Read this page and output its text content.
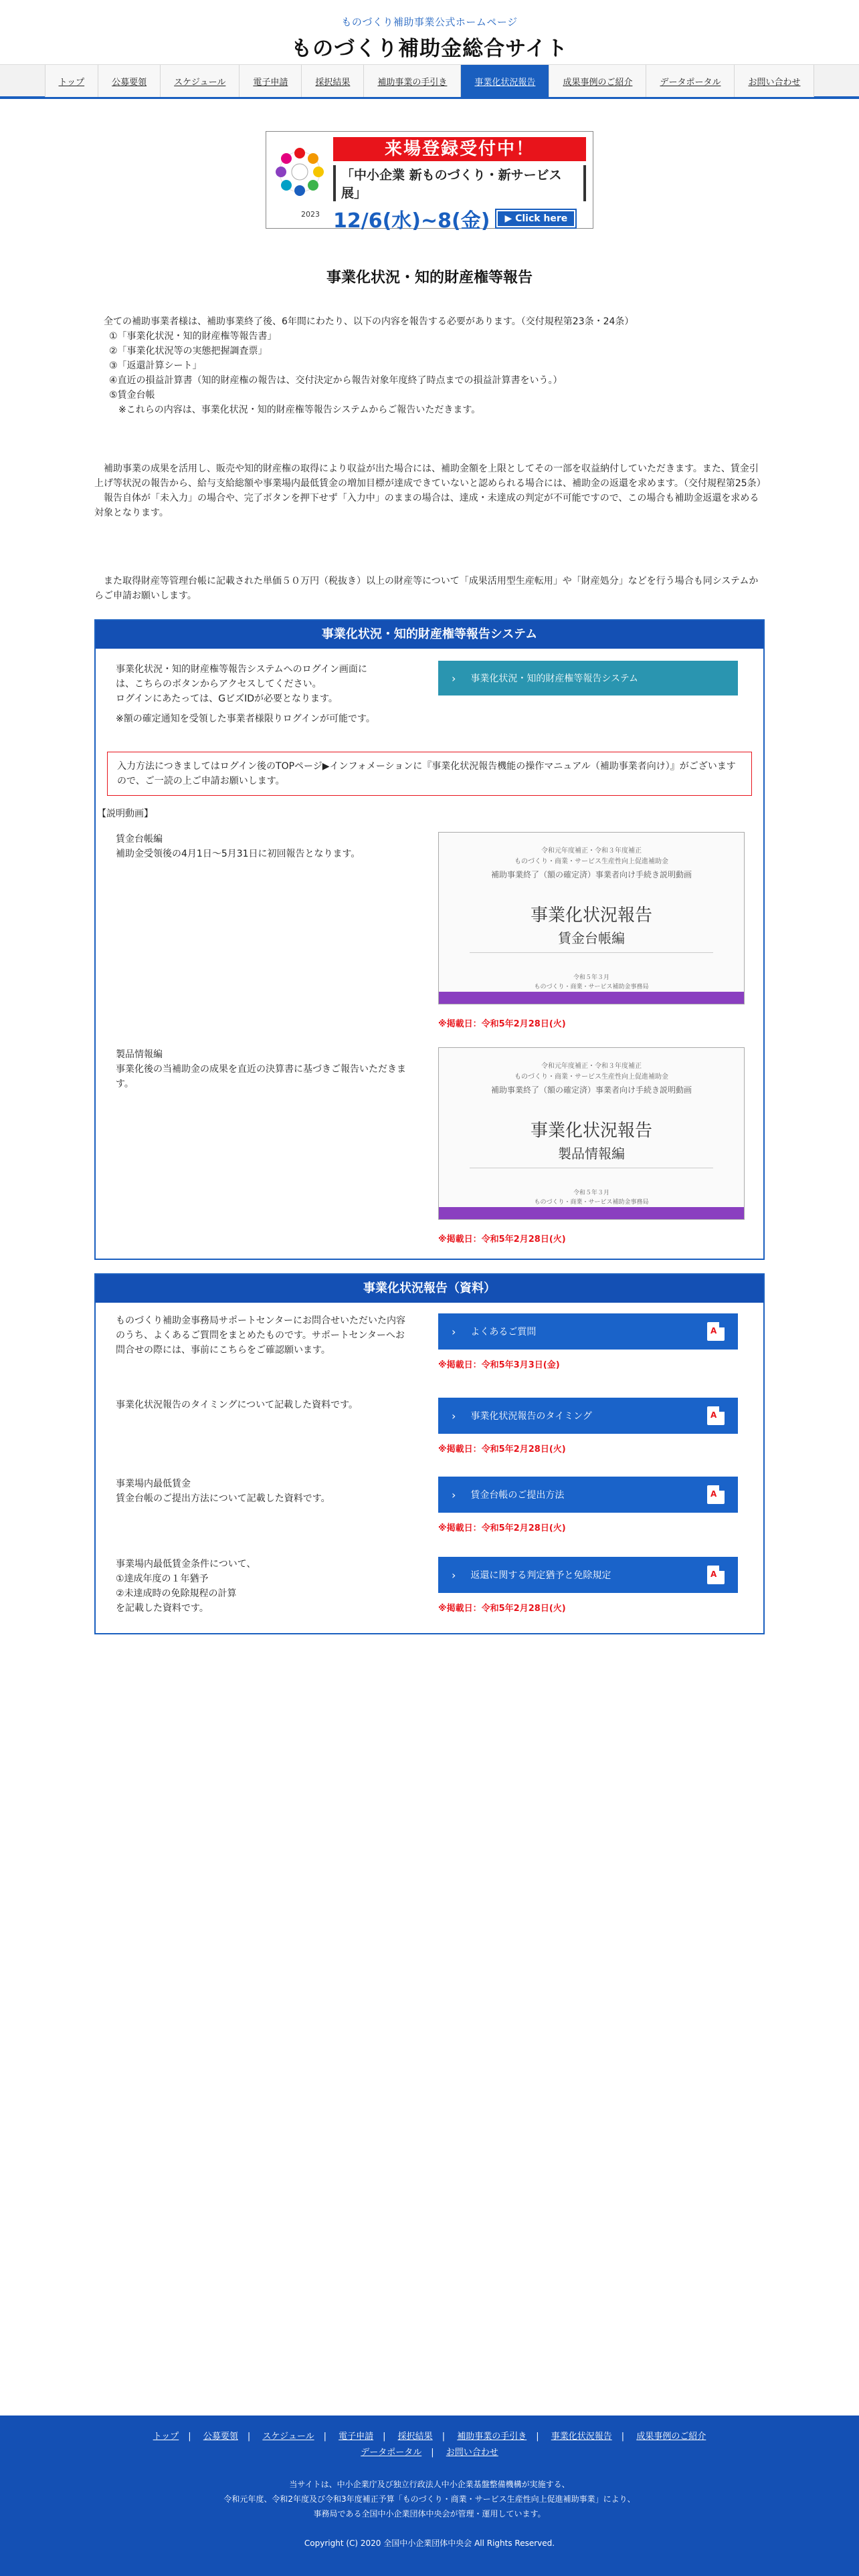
ものづくり補助事業公式ホームページ
ものづくり補助金総合サイト
トップ	公募要領	スケジュール	電子申請	採択結果	補助事業の手引き	事業化状況報告	成果事例のご紹介	データポータル	お問い合わせ
2023
来場登録受付中！
「中小企業 新ものづくり・新サービス展」
12/6(水)~8(金)	▶ Click here
事業化状況・知的財産権等報告
全ての補助事業者様は、補助事業終了後、6年間にわたり、以下の内容を報告する必要があります。（交付規程第23条・24条）
①「事業化状況・知的財産権等報告書」
②「事業化状況等の実態把握調査票」
③「返還計算シート」
④直近の損益計算書（知的財産権の報告は、交付決定から報告対象年度終了時点までの損益計算書をいう。）
⑤賃金台帳
※これらの内容は、事業化状況・知的財産権等報告システムからご報告いただきます。
補助事業の成果を活用し、販売や知的財産権の取得により収益が出た場合には、補助金額を上限としてその一部を収益納付していただきます。また、賃金引上げ等状況の報告から、給与支給総額や事業場内最低賃金の増加目標が達成できていないと認められる場合には、補助金の返還を求めます。（交付規程第25条）
報告自体が「未入力」の場合や、完了ボタンを押下せず「入力中」のままの場合は、達成・未達成の判定が不可能ですので、この場合も補助金返還を求める対象となります。
また取得財産等管理台帳に記載された単価５０万円（税抜き）以上の財産等について「成果活用型生産転用」や「財産処分」などを行う場合も同システムからご申請お願いします。
事業化状況・知的財産権等報告システム
事業化状況・知的財産権等報告システムへのログイン画面に
は、こちらのボタンからアクセスしてください。
ログインにあたっては、GビズIDが必要となります。
※額の確定通知を受領した事業者様限りログインが可能です。
› 事業化状況・知的財産権等報告システム
入力方法につきましてはログイン後のTOPページ▶インフォメーションに『事業化状況報告機能の操作マニュアル（補助事業者向け）』がございますので、ご一読の上ご申請お願いします。
【説明動画】
賃金台帳編
補助金受領後の4月1日～5月31日に初回報告となります。	令和元年度補正・令和３年度補正
ものづくり・商業・サービス生産性向上促進補助金
補助事業終了（額の確定済）事業者向け手続き説明動画
事業化状況報告
賃金台帳編
令和５年３月
ものづくり・商業・サービス補助金事務局
※掲載日：令和5年2月28日(火)
製品情報編
事業化後の当補助金の成果を直近の決算書に基づきご報告いただきます。
令和元年度補正・令和３年度補正
ものづくり・商業・サービス生産性向上促進補助金
補助事業終了（額の確定済）事業者向け手続き説明動画
事業化状況報告
製品情報編
令和５年３月
ものづくり・商業・サービス補助金事務局
※掲載日：令和5年2月28日(火)
事業化状況報告（資料）
ものづくり補助金事務局サポートセンターにお問合せいただいた内容のうち、よくあるご質問をまとめたものです。サポートセンターへお問合せの際には、事前にこちらをご確認願います。
› よくあるご質問	A
※掲載日：令和5年3月3日(金)
事業化状況報告のタイミングについて記載した資料です。
› 事業化状況報告のタイミング	A
※掲載日：令和5年2月28日(火)
事業場内最低賃金
賃金台帳のご提出方法について記載した資料です。	› 賃金台帳のご提出方法	A
※掲載日：令和5年2月28日(火)
事業場内最低賃金条件について、
①達成年度の１年猶予
②未達成時の免除規程の計算
を記載した資料です。
› 返還に関する判定猶予と免除規定	A
※掲載日：令和5年2月28日(火)
トップ | 公募要領 | スケジュール | 電子申請 | 採択結果 | 補助事業の手引き | 事業化状況報告 | 成果事例のご紹介
データポータル | お問い合わせ
当サイトは、中小企業庁及び独立行政法人中小企業基盤整備機構が実施する、
令和元年度、令和2年度及び令和3年度補正予算「ものづくり・商業・サービス生産性向上促進補助事業」により、
事務局である全国中小企業団体中央会が管理・運用しています。
Copyright (C) 2020 全国中小企業団体中央会 All Rights Reserved.
